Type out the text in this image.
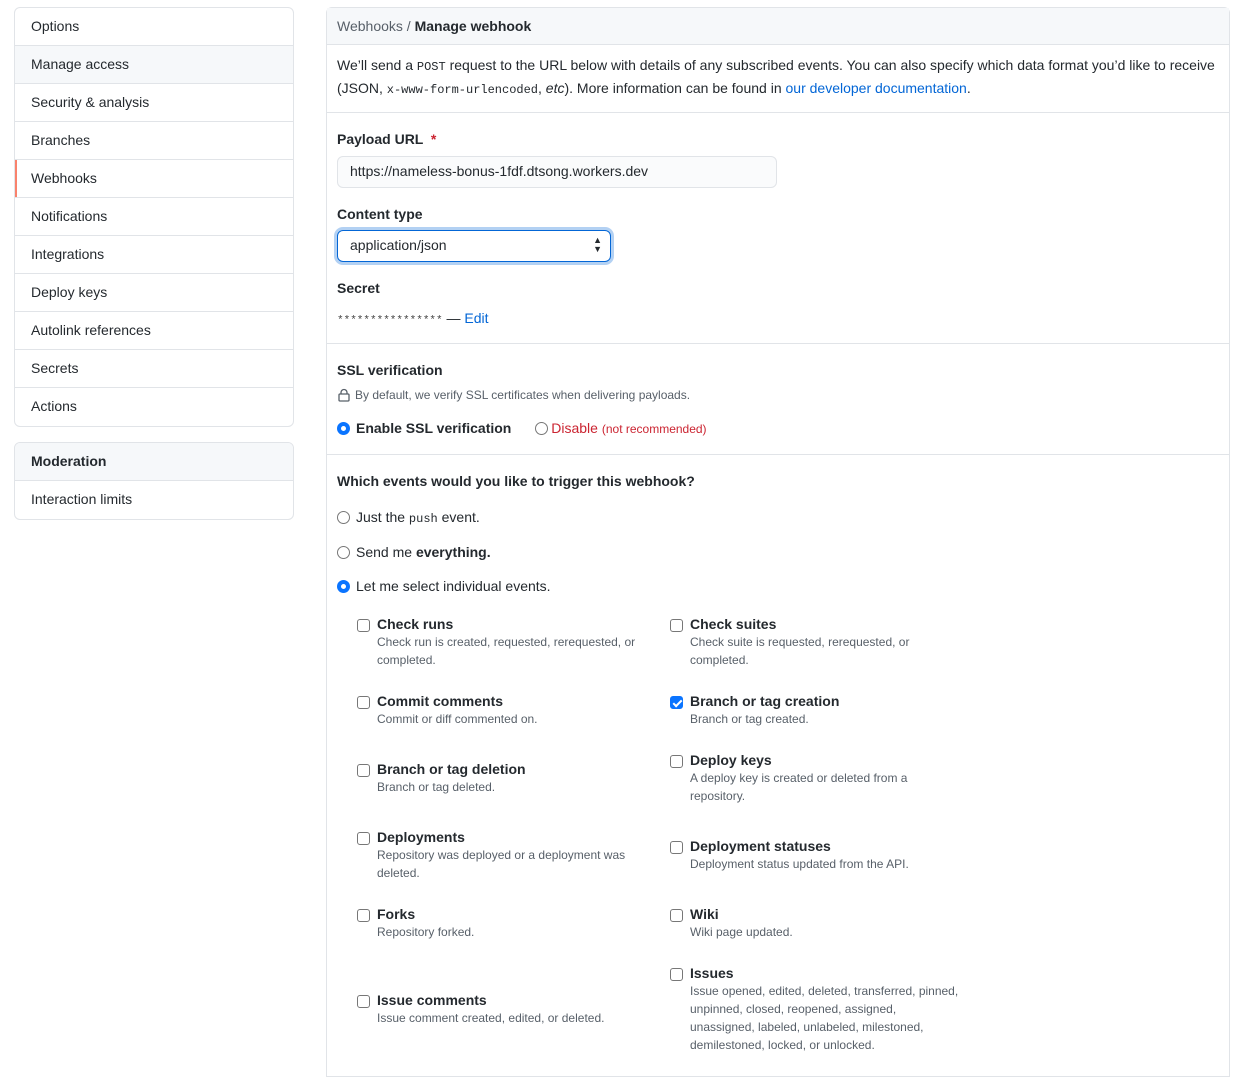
Options
Manage access
Security & analysis
Branches
Webhooks
Notifications
Integrations
Deploy keys
Autolink references
Secrets
Actions
Moderation
Interaction limits
Webhooks / Manage webhook
We’ll send a POST request to the URL below with details of any subscribed events. You can also specify which data format you’d like to receive (JSON, x-www-form-urlencoded, etc). More information can be found in our developer documentation.
Payload URL *
https://nameless-bonus-1fdf.dtsong.workers.dev
Content type
application/json	▲
▼
Secret
**************** — Edit
SSL verification
By default, we verify SSL certificates when delivering payloads.
Enable SSL verification	Disable (not recommended)
Which events would you like to trigger this webhook?
Just the push event.
Send me everything.
Let me select individual events.
Check runs
Check run is created, requested, rerequested, or completed.
Check suites
Check suite is requested, rerequested, or completed.
Commit comments
Commit or diff commented on.
Branch or tag creation
Branch or tag created.
Branch or tag deletion
Branch or tag deleted.
Deploy keys
A deploy key is created or deleted from a repository.
Deployments
Repository was deployed or a deployment was deleted.
Deployment statuses
Deployment status updated from the API.
Forks
Repository forked.
Wiki
Wiki page updated.
Issue comments
Issue comment created, edited, or deleted.
Issues
Issue opened, edited, deleted, transferred, pinned, unpinned, closed, reopened, assigned, unassigned, labeled, unlabeled, milestoned, demilestoned, locked, or unlocked.
